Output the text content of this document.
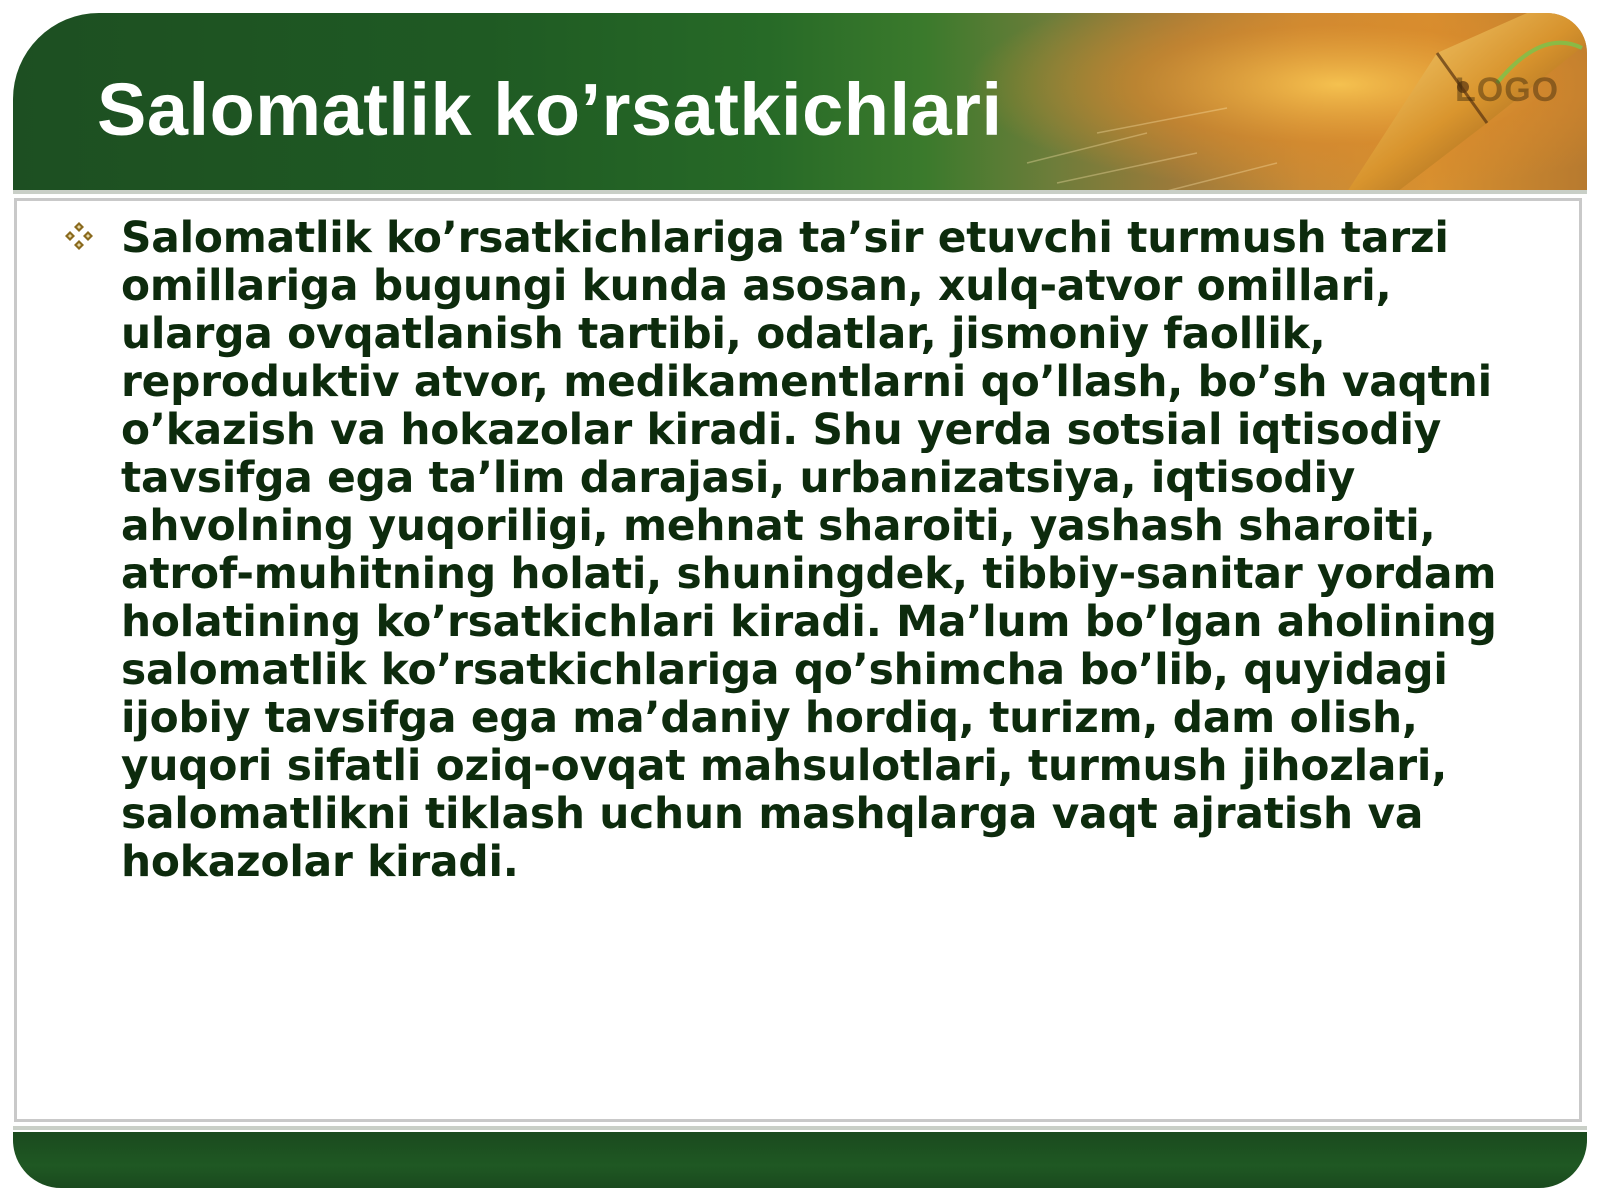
LOGO
Salomatlik ko’rsatkichlari

Salomatlik ko’rsatkichlariga ta’sir etuvchi turmush tarzi
omillariga bugungi kunda asosan, xulq-atvor omillari,
ularga ovqatlanish tartibi, odatlar, jismoniy faollik,
reproduktiv atvor, medikamentlarni qo’llash, bo’sh vaqtni
o’kazish va hokazolar kiradi. Shu yerda sotsial iqtisodiy
tavsifga ega ta’lim darajasi, urbanizatsiya, iqtisodiy
ahvolning yuqoriligi, mehnat sharoiti, yashash sharoiti,
atrof-muhitning holati, shuningdek, tibbiy-sanitar yordam
holatining ko’rsatkichlari kiradi. Ma’lum bo’lgan aholining
salomatlik ko’rsatkichlariga qo’shimcha bo’lib, quyidagi
ijobiy tavsifga ega ma’daniy hordiq, turizm, dam olish,
yuqori sifatli oziq-ovqat mahsulotlari, turmush jihozlari,
salomatlikni tiklash uchun mashqlarga vaqt ajratish va
hokazolar kiradi.
